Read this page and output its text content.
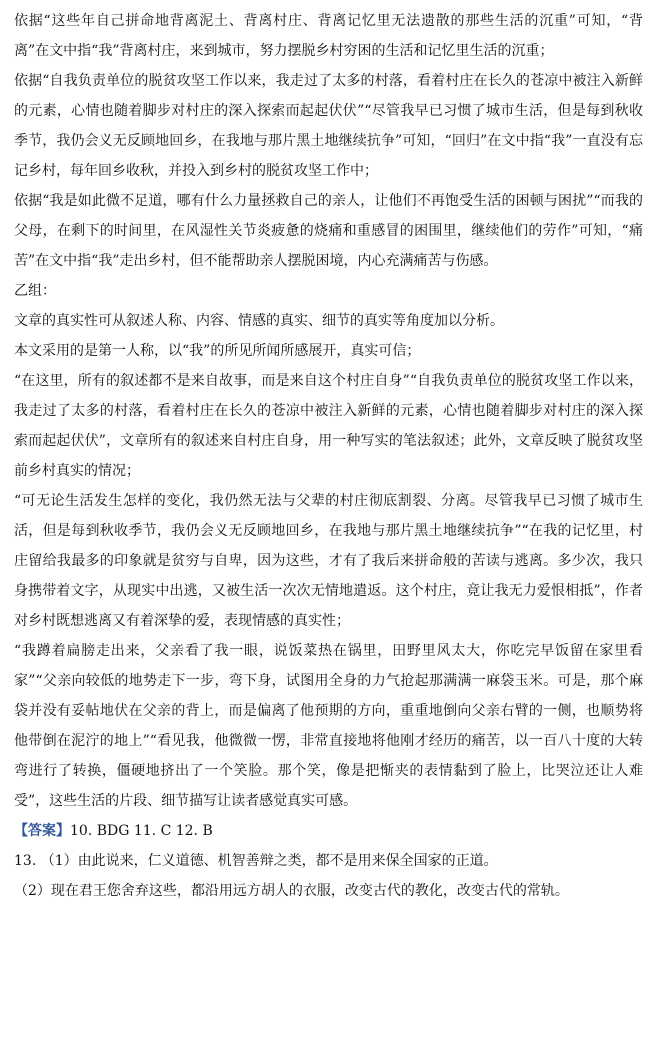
依据“这些年自己拼命地背离泥土、背离村庄、背离记忆里无法遗散的那些生活的沉重”可知，“背离”在文中指“我”背离村庄，来到城市，努力摆脱乡村穷困的生活和记忆里生活的沉重；

依据“自我负责单位的脱贫攻坚工作以来，我走过了太多的村落，看着村庄在长久的苍凉中被注入新鲜的元素，心情也随着脚步对村庄的深入探索而起起伏伏”“尽管我早已习惯了城市生活，但是每到秋收季节，我仍会义无反顾地回乡，在我地与那片黑土地继续抗争”可知，“回归”在文中指“我”一直没有忘记乡村，每年回乡收秋，并投入到乡村的脱贫攻坚工作中；

依据“我是如此微不足道，哪有什么力量拯救自己的亲人，让他们不再饱受生活的困顿与困扰”“而我的父母，在剩下的时间里，在风湿性关节炎疲惫的烧痛和重感冒的困围里，继续他们的劳作”可知，“痛苦”在文中指“我”走出乡村，但不能帮助亲人摆脱困境，内心充满痛苦与伤感。

乙组：

文章的真实性可从叙述人称、内容、情感的真实、细节的真实等角度加以分析。

本文采用的是第一人称，以“我”的所见所闻所感展开，真实可信；

“在这里，所有的叙述都不是来自故事，而是来自这个村庄自身”“自我负责单位的脱贫攻坚工作以来，我走过了太多的村落，看着村庄在长久的苍凉中被注入新鲜的元素，心情也随着脚步对村庄的深入探索而起起伏伏”，文章所有的叙述来自村庄自身，用一种写实的笔法叙述；此外，文章反映了脱贫攻坚前乡村真实的情况；

“可无论生活发生怎样的变化，我仍然无法与父辈的村庄彻底割裂、分离。尽管我早已习惯了城市生活，但是每到秋收季节，我仍会义无反顾地回乡，在我地与那片黑土地继续抗争”“在我的记忆里，村庄留给我最多的印象就是贫穷与自卑，因为这些，才有了我后来拼命般的苦读与逃离。多少次，我只身携带着文字，从现实中出逃，又被生活一次次无情地遣返。这个村庄，竟让我无力爱恨相抵”，作者对乡村既想逃离又有着深挚的爱，表现情感的真实性；

“我蹲着扁膀走出来，父亲看了我一眼，说饭菜热在锅里，田野里风太大，你吃完早饭留在家里看家”“父亲向较低的地势走下一步，弯下身，试图用全身的力气抢起那满满一麻袋玉米。可是，那个麻袋并没有妥帖地伏在父亲的背上，而是偏离了他预期的方向，重重地倒向父亲右臂的一侧，也顺势将他带倒在泥泞的地上”“看见我，他微微一愣，非常直接地将他刚才经历的痛苦，以一百八十度的大转弯进行了转换，僵硬地挤出了一个笑脸。那个笑，像是把惭夹的表情黏到了脸上，比哭泣还让人难受”，这些生活的片段、细节描写让读者感觉真实可感。

【答案】10. BDG 11. C 12. B

13. （1）由此说来，仁义道德、机智善辩之类，都不是用来保全国家的正道。

（2）现在君王您舍弃这些，都沿用远方胡人的衣服，改变古代的教化，改变古代的常轨。
